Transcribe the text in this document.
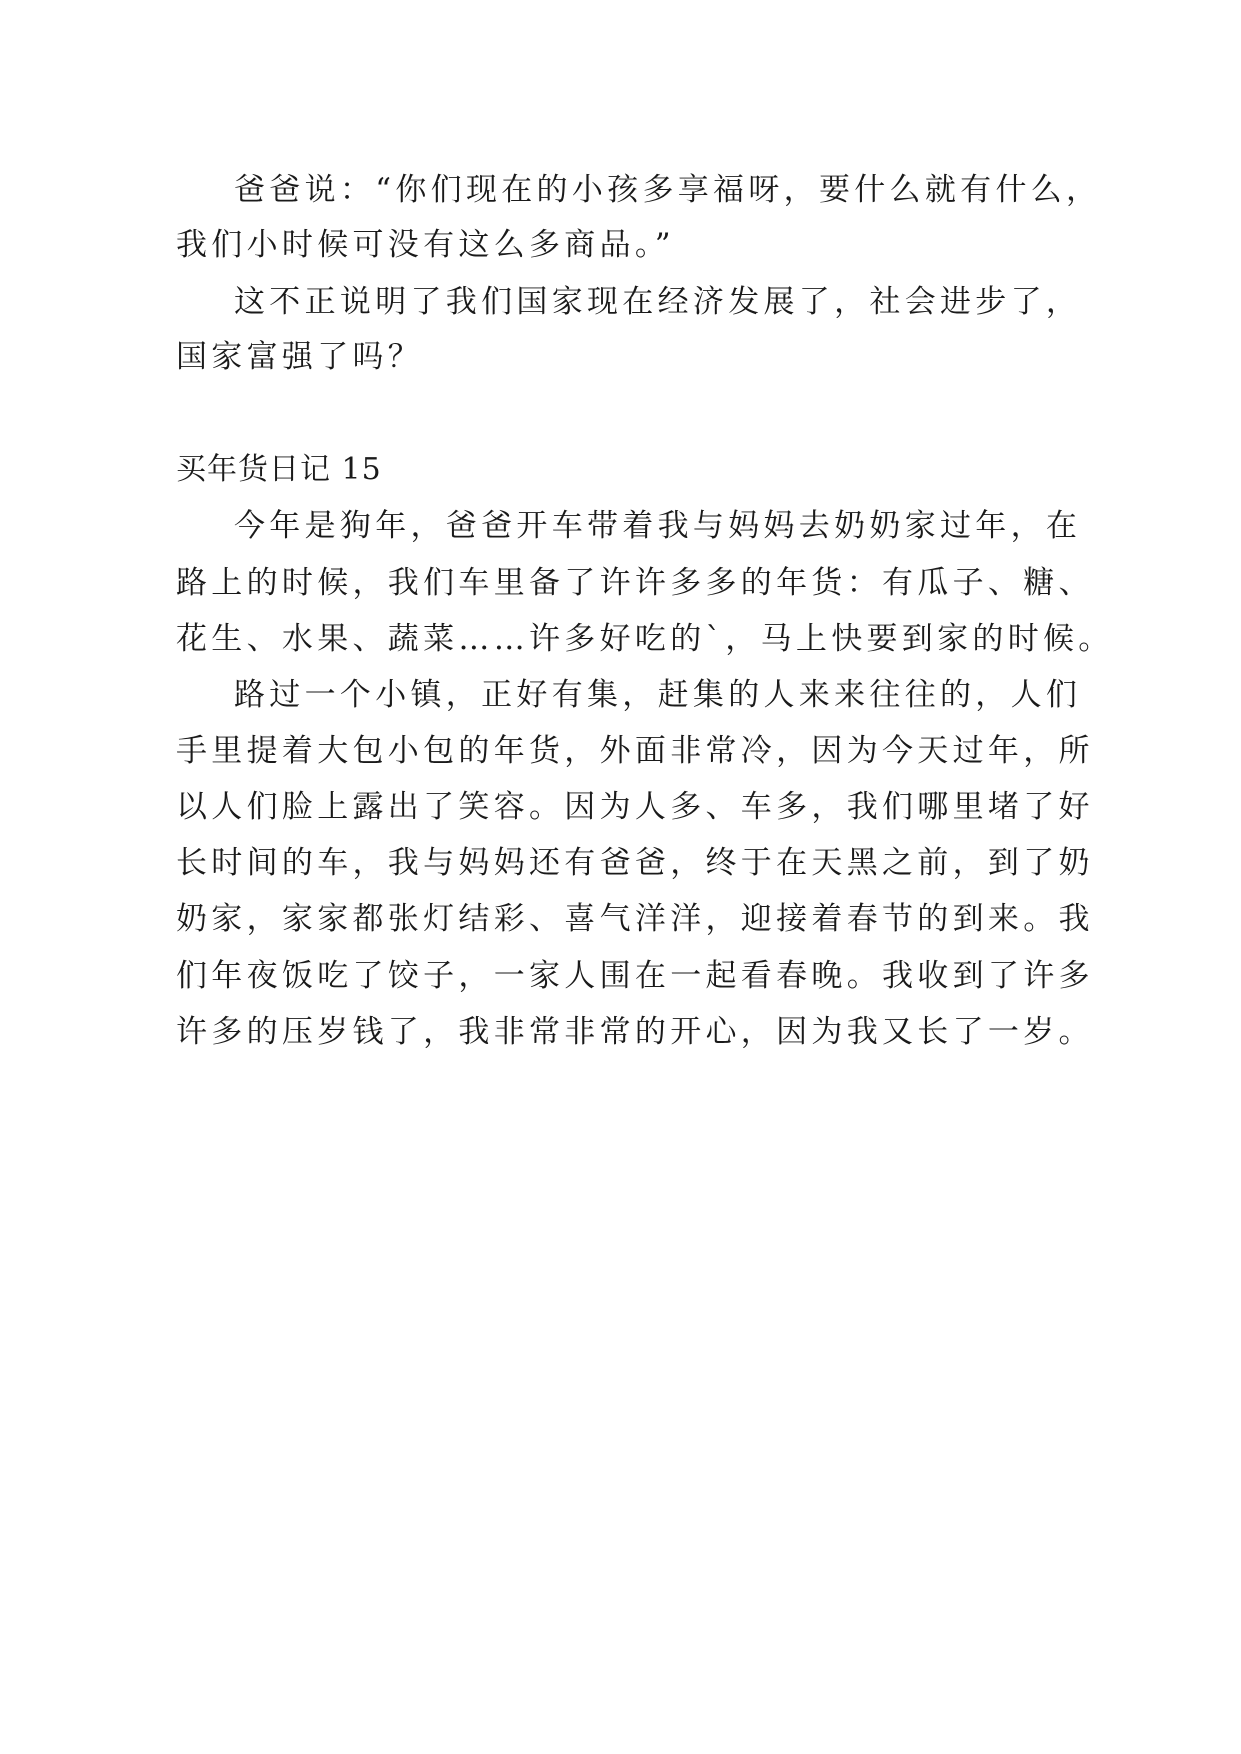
爸爸说：“你们现在的小孩多享福呀，要什么就有什么，
我们小时候可没有这么多商品。”
这不正说明了我们国家现在经济发展了，社会进步了，
国家富强了吗？
买年货日记 15
今年是狗年，爸爸开车带着我与妈妈去奶奶家过年，在
路上的时候，我们车里备了许许多多的年货：有瓜子、糖、
花生、水果、蔬菜……许多好吃的`，马上快要到家的时候。
路过一个小镇，正好有集，赶集的人来来往往的，人们
手里提着大包小包的年货，外面非常冷，因为今天过年，所
以人们脸上露出了笑容。因为人多、车多，我们哪里堵了好
长时间的车，我与妈妈还有爸爸，终于在天黑之前，到了奶
奶家，家家都张灯结彩、喜气洋洋，迎接着春节的到来。我
们年夜饭吃了饺子，一家人围在一起看春晚。我收到了许多
许多的压岁钱了，我非常非常的开心，因为我又长了一岁。
